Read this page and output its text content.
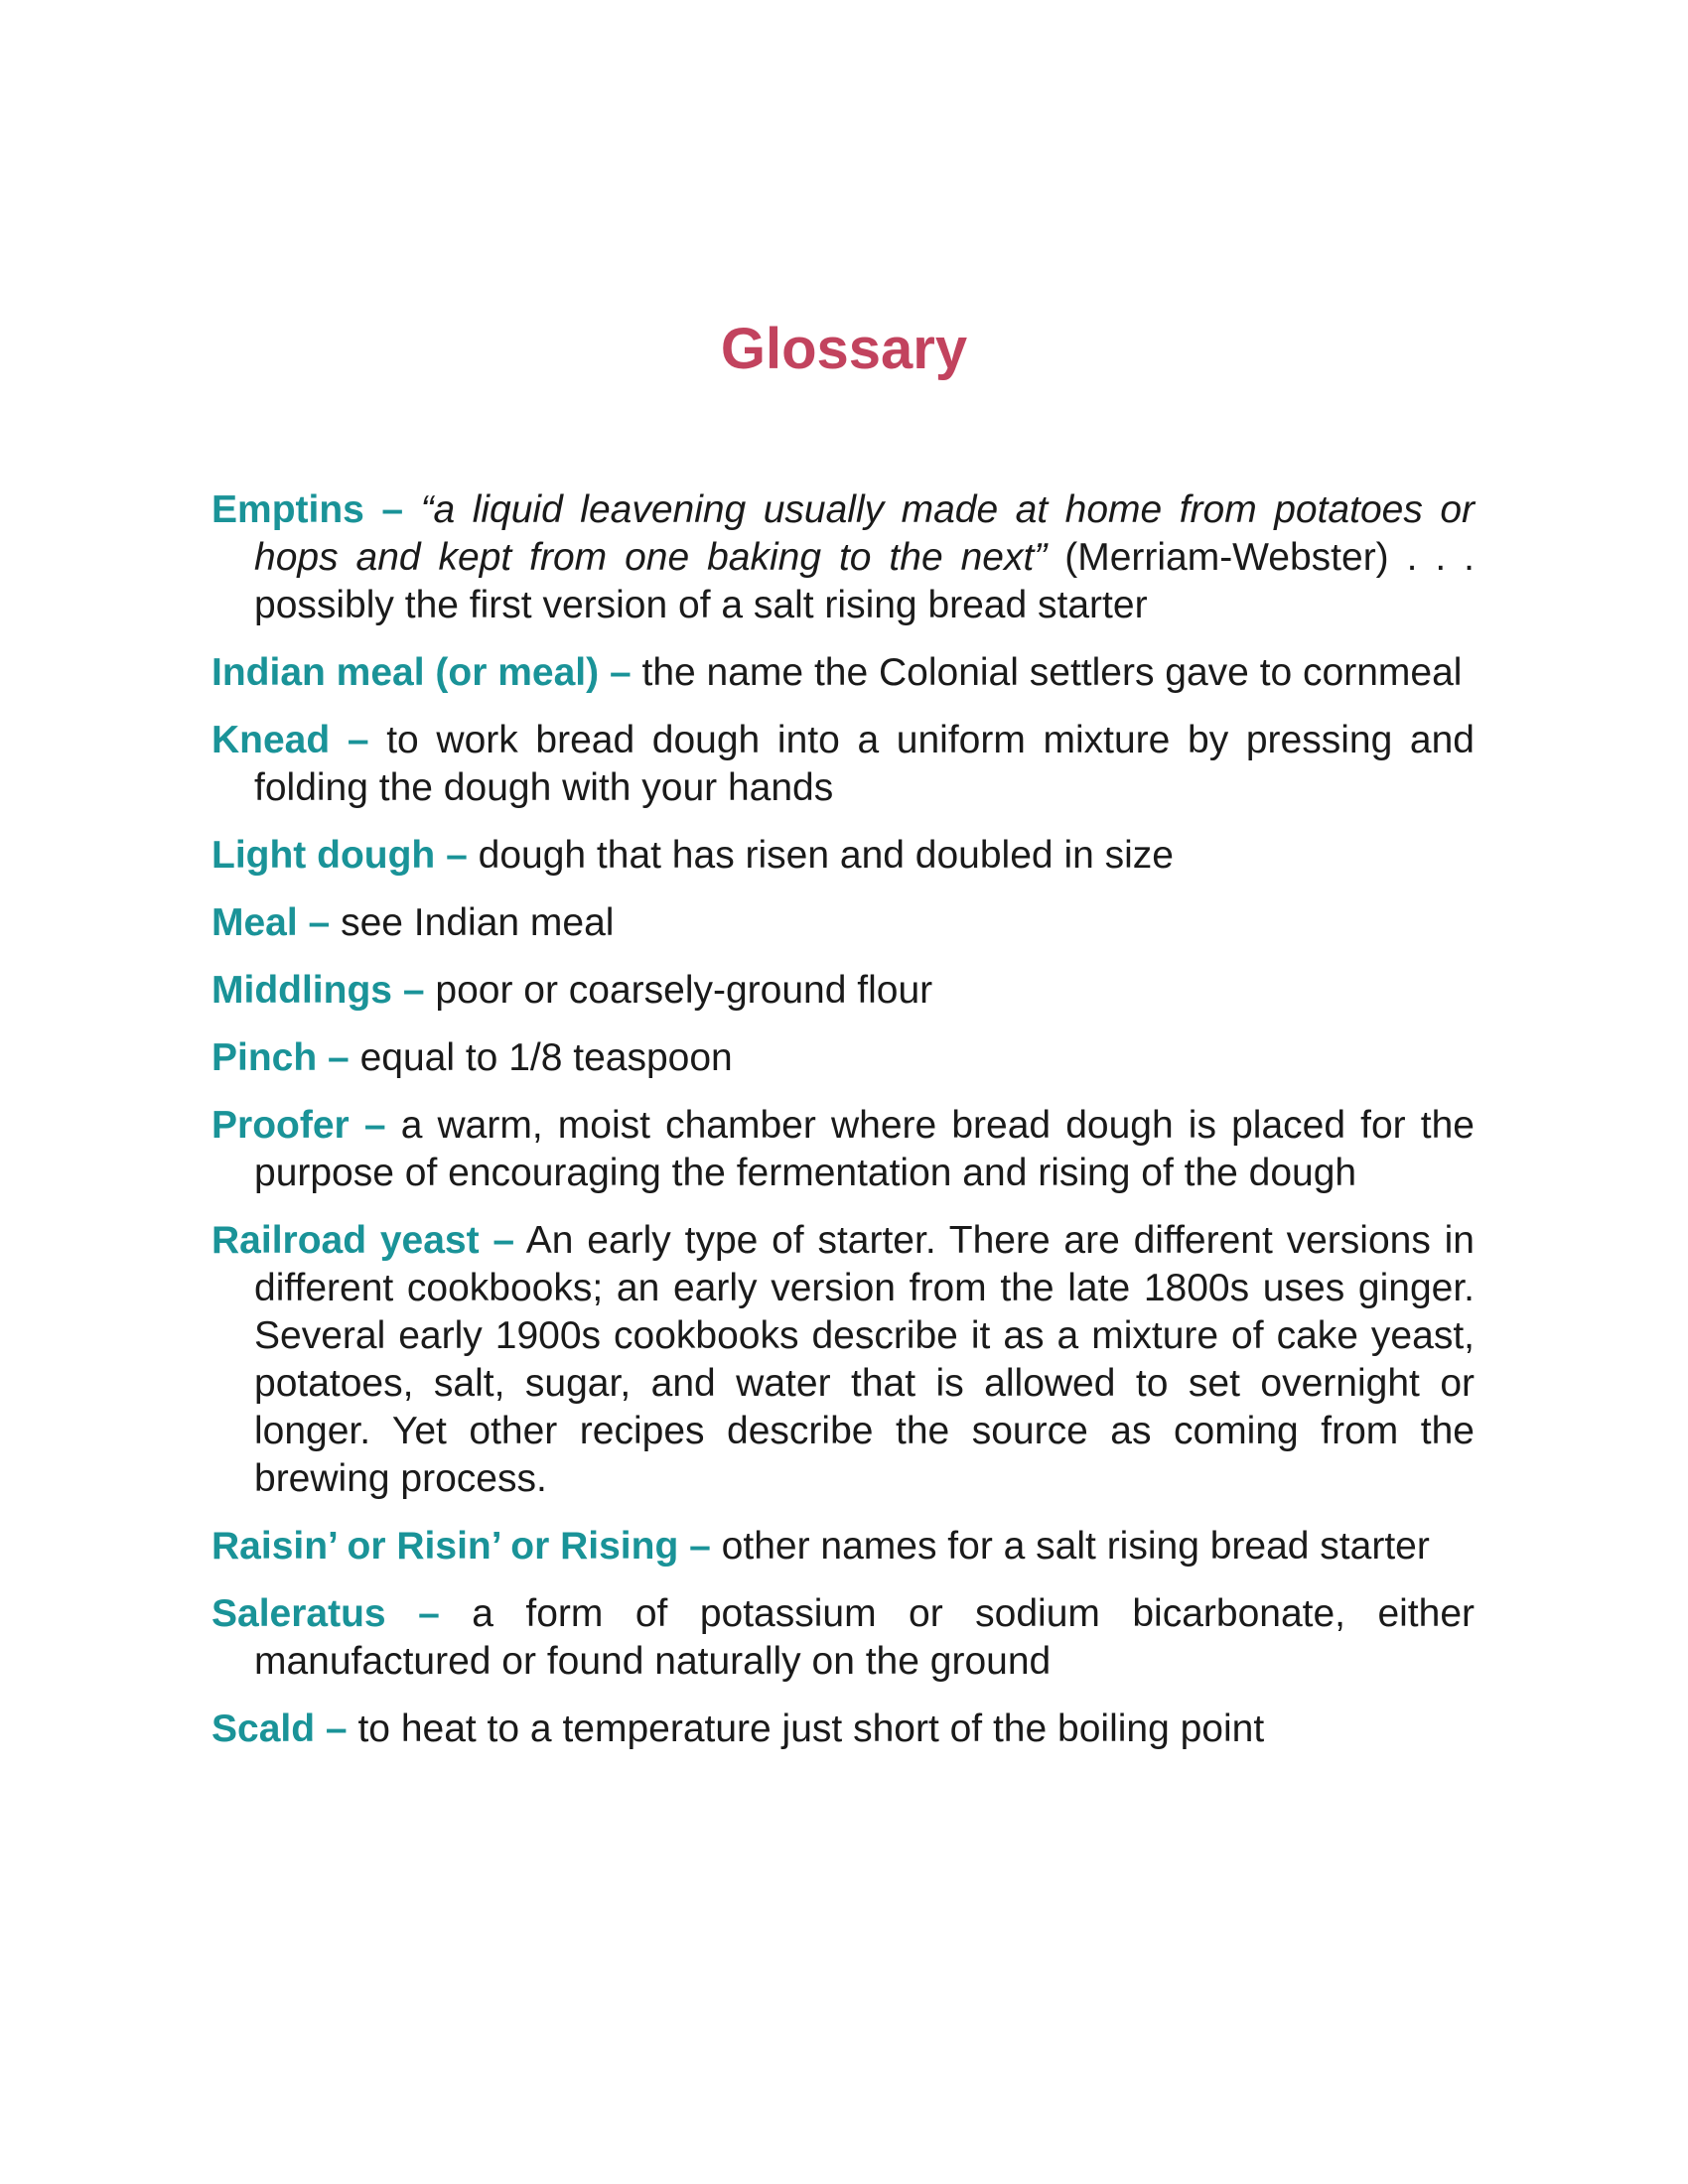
Glossary
Emptins – “a liquid leavening usually made at home from potatoes or hops and kept from one baking to the next” (Merriam-Webster) . . . possibly the first version of a salt rising bread starter
Indian meal (or meal) – the name the Colonial settlers gave to cornmeal
Knead – to work bread dough into a uniform mixture by pressing and folding the dough with your hands
Light dough – dough that has risen and doubled in size
Meal – see Indian meal
Middlings – poor or coarsely-ground flour
Pinch – equal to 1/8 teaspoon
Proofer – a warm, moist chamber where bread dough is placed for the purpose of encouraging the fermentation and rising of the dough
Railroad yeast – An early type of starter. There are different versions in different cookbooks; an early version from the late 1800s uses ginger. Several early 1900s cookbooks describe it as a mixture of cake yeast, potatoes, salt, sugar, and water that is allowed to set overnight or longer. Yet other recipes describe the source as coming from the brewing process.
Raisin’ or Risin’ or Rising – other names for a salt rising bread starter
Saleratus – a form of potassium or sodium bicarbonate, either manufactured or found naturally on the ground
Scald – to heat to a temperature just short of the boiling point
